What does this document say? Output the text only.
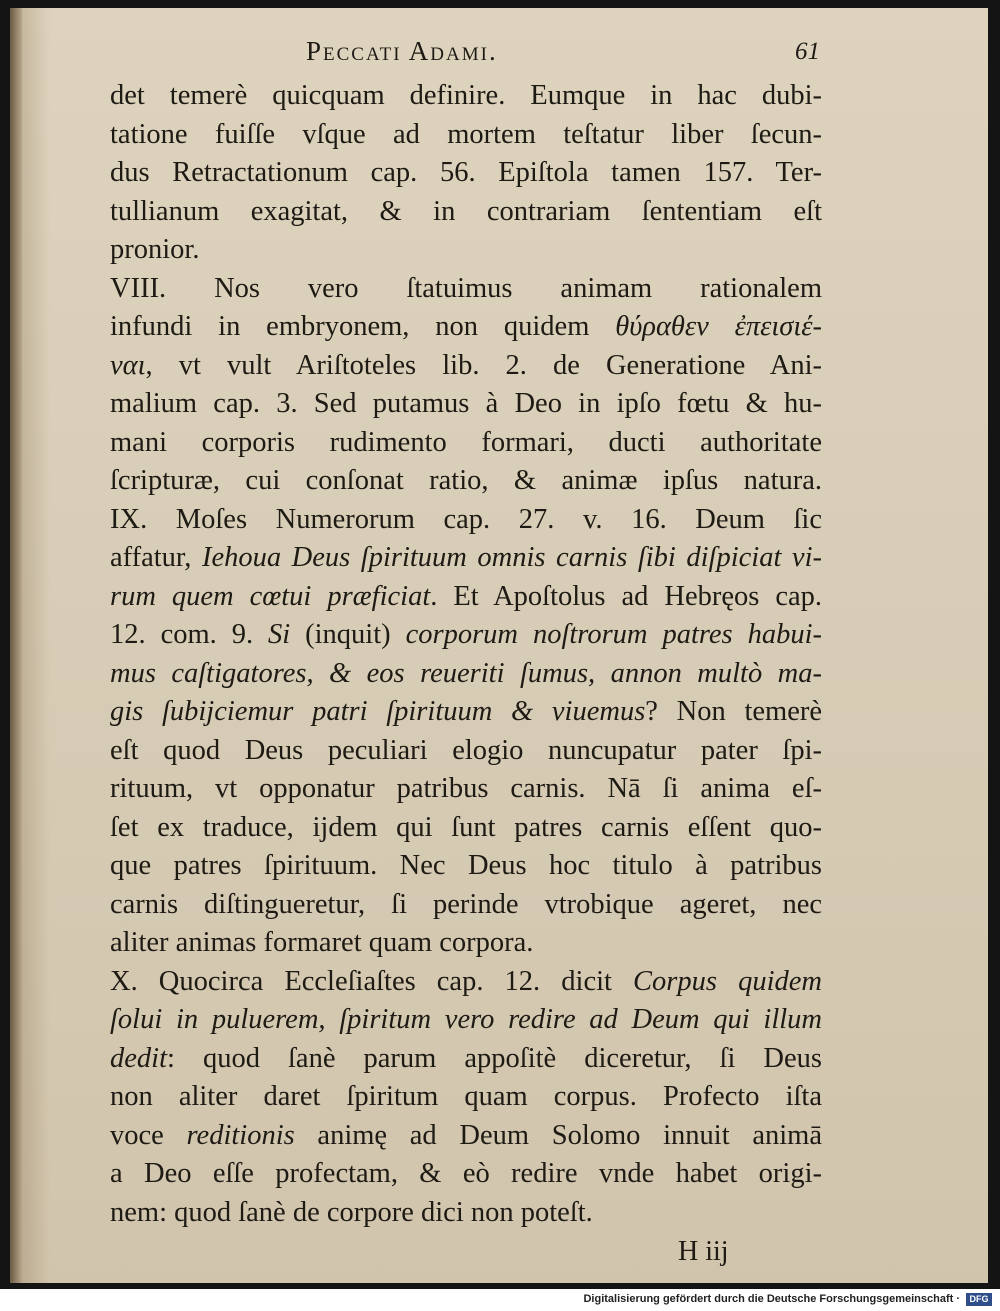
Peccati Adami.	61
det temerè quicquam definire. Eumque in hac dubi-
tatione fuiſſe vſque ad mortem teſtatur liber ſecun-
dus Retractationum cap. 56. Epiſtola tamen 157. Ter-
tullianum exagitat, & in contrariam ſententiam eſt
pronior.
VIII. Nos vero ſtatuimus animam rationalem
infundi in embryonem, non quidem θύραθεν ἐπεισιέ-
ναι, vt vult Ariſtoteles lib. 2. de Generatione Ani-
malium cap. 3. Sed putamus à Deo in ipſo fœtu & hu-
mani corporis rudimento formari, ducti authoritate
ſcripturæ, cui conſonat ratio, & animæ ipſus natura.
IX. Moſes Numerorum cap. 27. v. 16. Deum ſic
affatur, Iehoua Deus ſpirituum omnis carnis ſibi diſpiciat vi-
rum quem cœtui præficiat. Et Apoſtolus ad Hebręos cap.
12. com. 9. Si (inquit) corporum noſtrorum patres habui-
mus caſtigatores, & eos reueriti ſumus, annon multò ma-
gis ſubijciemur patri ſpirituum & viuemus? Non temerè
eſt quod Deus peculiari elogio nuncupatur pater ſpi-
rituum, vt opponatur patribus carnis. Nā ſi anima eſ-
ſet ex traduce, ijdem qui ſunt patres carnis eſſent quo-
que patres ſpirituum. Nec Deus hoc titulo à patribus
carnis diſtingueretur, ſi perinde vtrobique ageret, nec
aliter animas formaret quam corpora.
X. Quocirca Eccleſiaſtes cap. 12. dicit Corpus quidem
ſolui in puluerem, ſpiritum vero redire ad Deum qui illum
dedit: quod ſanè parum appoſitè diceretur, ſi Deus
non aliter daret ſpiritum quam corpus. Profecto iſta
voce reditionis animę ad Deum Solomo innuit animā
a Deo eſſe profectam, & eò redire vnde habet origi-
nem: quod ſanè de corpore dici non poteſt.
H iij
Digitalisierung gefördert durch die Deutsche Forschungsgemeinschaft ·	DFG
